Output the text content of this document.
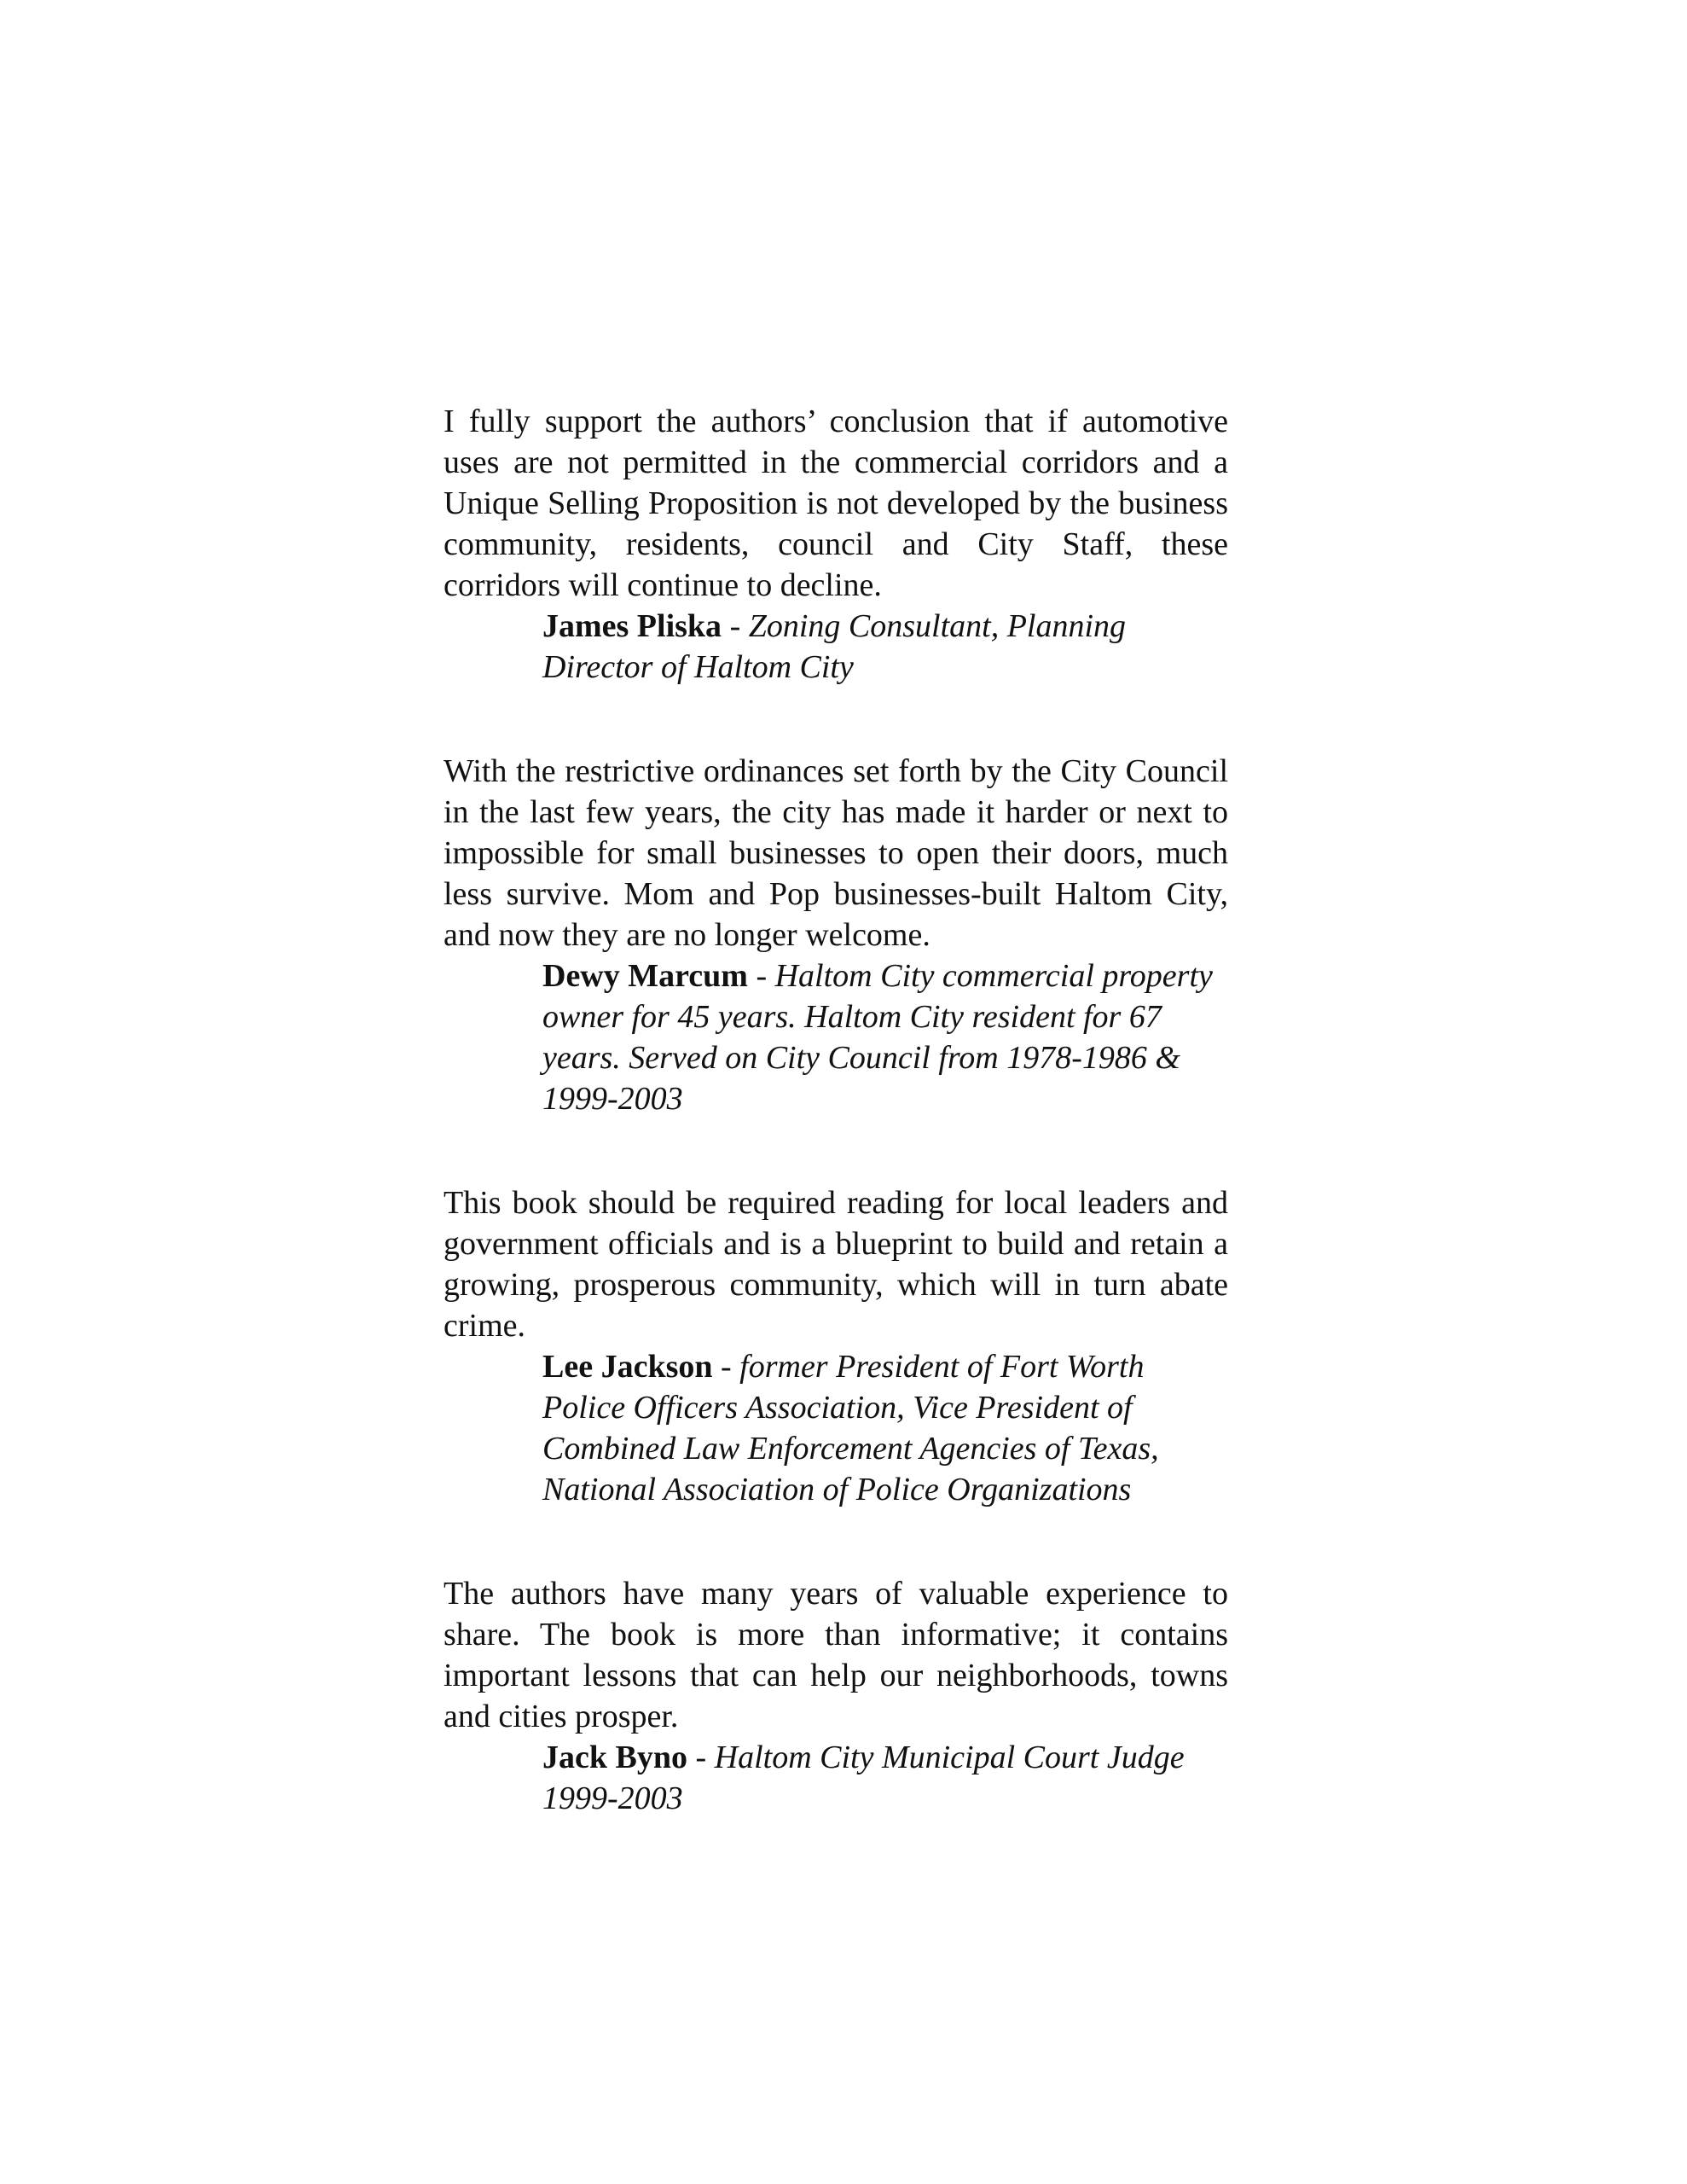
I fully support the authors’ conclusion that if automotive uses are not permitted in the commercial corridors and a Unique Selling Proposition is not developed by the business community, residents, council and City Staff, these corridors will continue to decline.

James Pliska - Zoning Consultant, Planning Director of Haltom City

With the restrictive ordinances set forth by the City Council in the last few years, the city has made it harder or next to impossible for small businesses to open their doors, much less survive. Mom and Pop businesses-built Haltom City, and now they are no longer welcome.

Dewy Marcum - Haltom City commercial property owner for 45 years. Haltom City resident for 67 years. Served on City Council from 1978-1986 & 1999-2003

This book should be required reading for local leaders and government officials and is a blueprint to build and retain a growing, prosperous community, which will in turn abate crime.

Lee Jackson - former President of Fort Worth Police Officers Association, Vice President of Combined Law Enforcement Agencies of Texas, National Association of Police Organizations

The authors have many years of valuable experience to share. The book is more than informative; it contains important lessons that can help our neighborhoods, towns and cities prosper.

Jack Byno - Haltom City Municipal Court Judge 1999-2003
